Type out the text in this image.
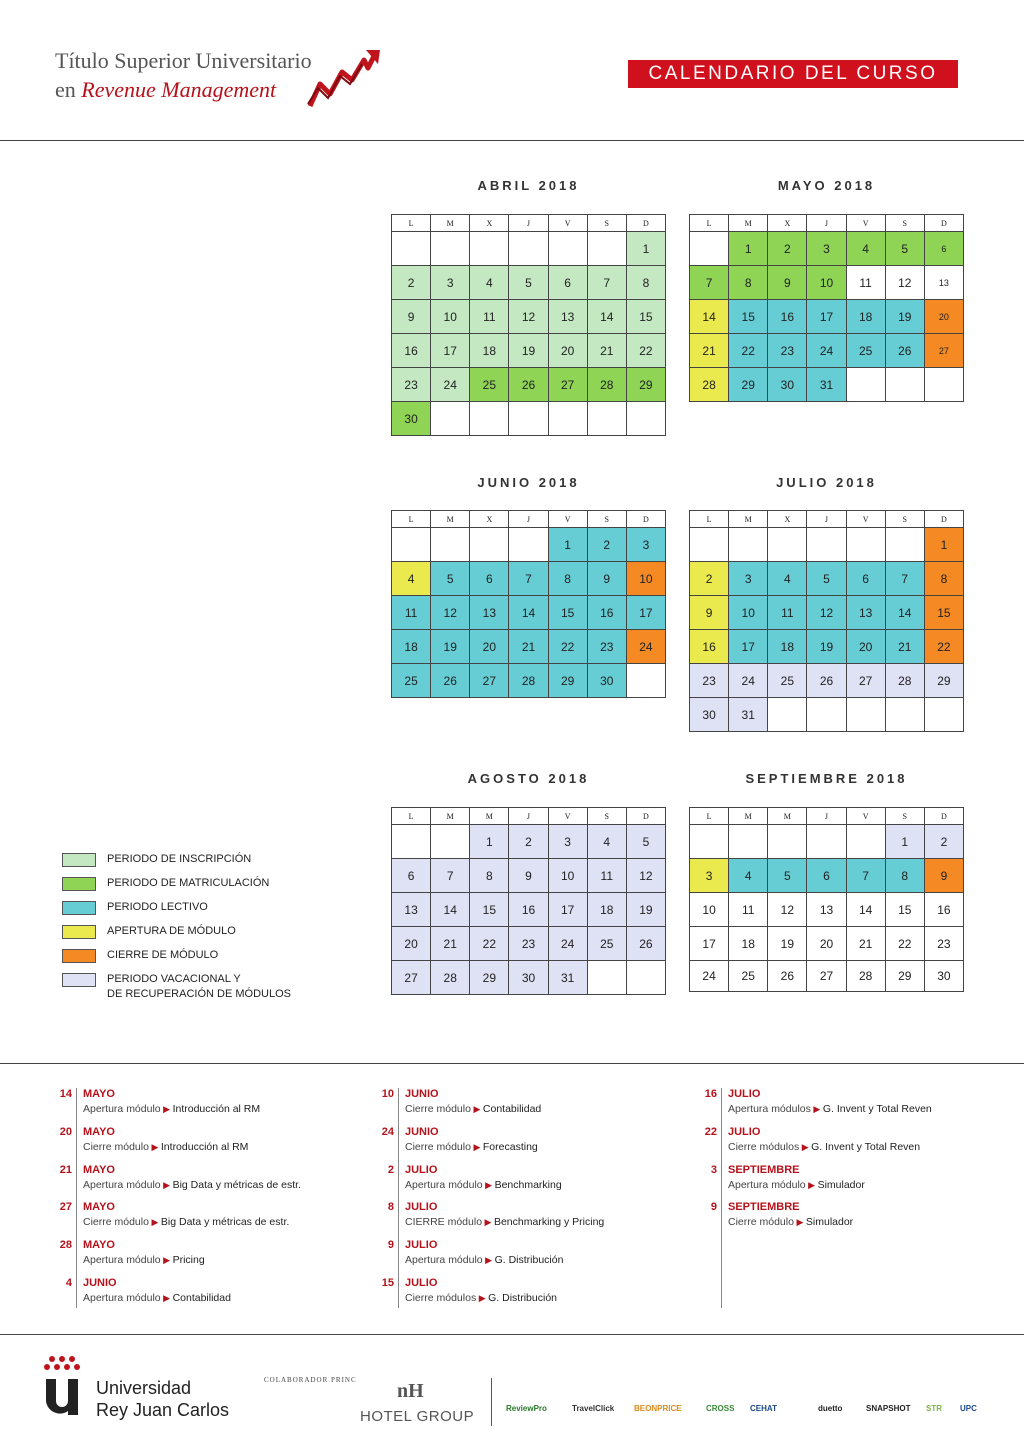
Título Superior Universitario
en Revenue Management
CALENDARIO DEL CURSO
ABRIL 2018
L	M	X	J	V	S	D
						1
2	3	4	5	6	7	8
9	10	11	12	13	14	15
16	17	18	19	20	21	22
23	24	25	26	27	28	29
30						
MAYO 2018
L	M	X	J	V	S	D
	1	2	3	4	5	6
7	8	9	10	11	12	13
14	15	16	17	18	19	20
21	22	23	24	25	26	27
28	29	30	31			
JUNIO 2018
L	M	X	J	V	S	D
				1	2	3
4	5	6	7	8	9	10
11	12	13	14	15	16	17
18	19	20	21	22	23	24
25	26	27	28	29	30	
JULIO 2018
L	M	X	J	V	S	D
						1
2	3	4	5	6	7	8
9	10	11	12	13	14	15
16	17	18	19	20	21	22
23	24	25	26	27	28	29
30	31					
AGOSTO 2018
L	M	M	J	V	S	D
		1	2	3	4	5
6	7	8	9	10	11	12
13	14	15	16	17	18	19
20	21	22	23	24	25	26
27	28	29	30	31		
SEPTIEMBRE 2018
L	M	M	J	V	S	D
					1	2
3	4	5	6	7	8	9
10	11	12	13	14	15	16
17	18	19	20	21	22	23
24	25	26	27	28	29	30
PERIODO DE INSCRIPCIÓN
PERIODO DE MATRICULACIÓN
PERIODO LECTIVO
APERTURA DE MÓDULO
CIERRE DE MÓDULO
PERIODO VACACIONAL Y
DE RECUPERACIÓN DE MÓDULOS
14 MAYO
Apertura módulo ▶ Introducción al RM
20 MAYO
Cierre módulo ▶ Introducción al RM
21 MAYO
Apertura módulo ▶ Big Data y métricas de estr.
27 MAYO
Cierre módulo ▶ Big Data y métricas de estr.
28 MAYO
Apertura módulo ▶ Pricing
4 JUNIO
Apertura módulo ▶ Contabilidad
10 JUNIO
Cierre módulo ▶ Contabilidad
24 JUNIO
Cierre módulo ▶ Forecasting
2 JULIO
Apertura módulo ▶ Benchmarking
8 JULIO
CIERRE módulo ▶ Benchmarking y Pricing
9 JULIO
Apertura módulo ▶ G. Distribución
15 JULIO
Cierre módulos ▶ G. Distribución
16 JULIO
Apertura módulos ▶ G. Invent y Total Reven
22 JULIO
Cierre módulos ▶ G. Invent y Total Reven
3 SEPTIEMBRE
Apertura módulo ▶ Simulador
9 SEPTIEMBRE
Cierre módulo ▶ Simulador
Universidad
Rey Juan Carlos
COLABORADOR PRINC nH
HOTEL GROUP	ReviewPro	TravelClick BEONPRICE	CROSS CEHAT	duetto	SNAPSHOT STR UPC
